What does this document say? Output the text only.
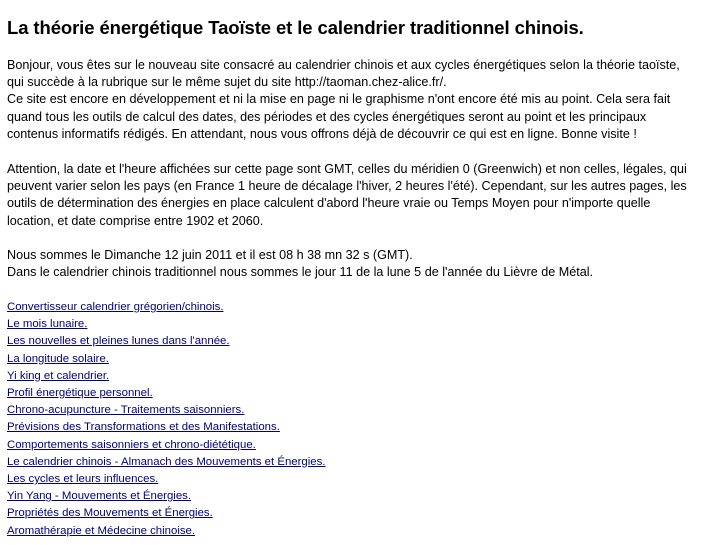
La théorie énergétique Taoïste et le calendrier traditionnel chinois.
Bonjour, vous êtes sur le nouveau site consacré au calendrier chinois et aux cycles énergétiques selon la théorie taoïste,
qui succède à la rubrique sur le même sujet du site http://taoman.chez-alice.fr/.
Ce site est encore en développement et ni la mise en page ni le graphisme n'ont encore été mis au point. Cela sera fait
quand tous les outils de calcul des dates, des périodes et des cycles énergétiques seront au point et les principaux
contenus informatifs rédigés. En attendant, nous vous offrons déjà de découvrir ce qui est en ligne. Bonne visite !
Attention, la date et l'heure affichées sur cette page sont GMT, celles du méridien 0 (Greenwich) et non celles, légales, qui
peuvent varier selon les pays (en France 1 heure de décalage l'hiver, 2 heures l'été). Cependant, sur les autres pages, les
outils de détermination des énergies en place calculent d'abord l'heure vraie ou Temps Moyen pour n'importe quelle
location, et date comprise entre 1902 et 2060.
Nous sommes le Dimanche 12 juin 2011 et il est 08 h 38 mn 32 s (GMT).
Dans le calendrier chinois traditionnel nous sommes le jour 11 de la lune 5 de l'année du Lièvre de Métal.
Convertisseur calendrier grégorien/chinois.
Le mois lunaire.
Les nouvelles et pleines lunes dans l'année.
La longitude solaire.
Yi king et calendrier.
Profil énergétique personnel.
Chrono-acupuncture - Traitements saisonniers.
Prévisions des Transformations et des Manifestations.
Comportements saisonniers et chrono-diététique.
Le calendrier chinois - Almanach des Mouvements et Énergies.
Les cycles et leurs influences.
Yin Yang - Mouvements et Énergies.
Propriétés des Mouvements et Énergies.
Aromathérapie et Médecine chinoise.
